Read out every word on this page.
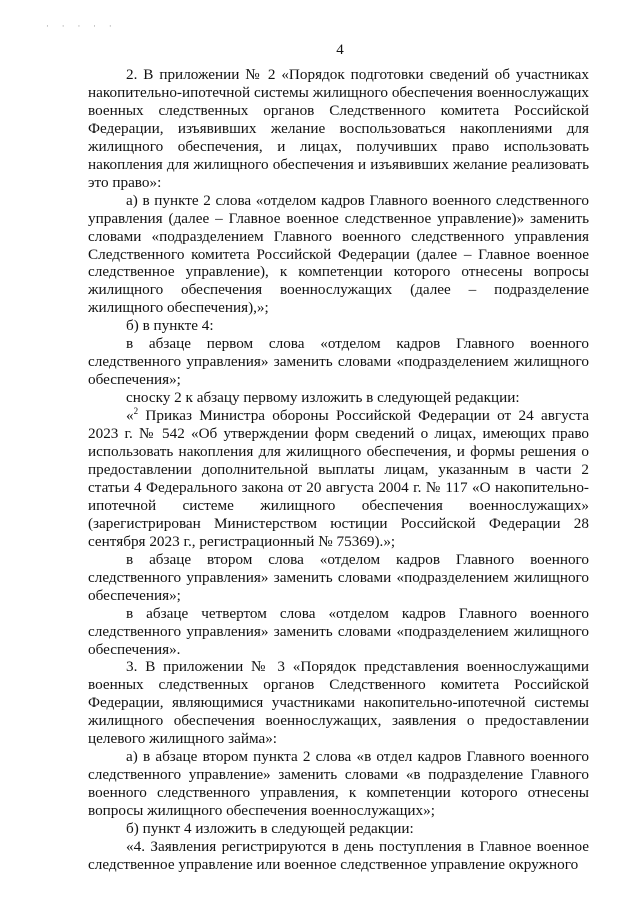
· · · · ·
4

2. В приложении № 2 «Порядок подготовки сведений об участниках накопительно-ипотечной системы жилищного обеспечения военнослужащих военных следственных органов Следственного комитета Российской Федерации, изъявивших желание воспользоваться накоплениями для жилищного обеспечения, и лицах, получивших право использовать накопления для жилищного обеспечения и изъявивших желание реализовать это право»:

а) в пункте 2 слова «отделом кадров Главного военного следственного управления (далее – Главное военное следственное управление)» заменить словами «подразделением Главного военного следственного управления Следственного комитета Российской Федерации (далее – Главное военное следственное управление), к компетенции которого отнесены вопросы жилищного обеспечения военнослужащих (далее – подразделение жилищного обеспечения),»;

б) в пункте 4:

в абзаце первом слова «отделом кадров Главного военного следственного управления» заменить словами «подразделением жилищного обеспечения»;

сноску 2 к абзацу первому изложить в следующей редакции:

«$^2$ Приказ Министра обороны Российской Федерации от 24 августа 2023 г. № 542 «Об утверждении форм сведений о лицах, имеющих право использовать накопления для жилищного обеспечения, и формы решения о предоставлении дополнительной выплаты лицам, указанным в части 2 статьи 4 Федерального закона от 20 августа 2004 г. № 117 «О накопительно-ипотечной системе жилищного обеспечения военнослужащих» (зарегистрирован Министерством юстиции Российской Федерации 28 сентября 2023 г., регистрационный № 75369).»;

в абзаце втором слова «отделом кадров Главного военного следственного управления» заменить словами «подразделением жилищного обеспечения»;

в абзаце четвертом слова «отделом кадров Главного военного следственного управления» заменить словами «подразделением жилищного обеспечения».

3. В приложении № 3 «Порядок представления военнослужащими военных следственных органов Следственного комитета Российской Федерации, являющимися участниками накопительно-ипотечной системы жилищного обеспечения военнослужащих, заявления о предоставлении целевого жилищного займа»:

а) в абзаце втором пункта 2 слова «в отдел кадров Главного военного следственного управление» заменить словами «в подразделение Главного военного следственного управления, к компетенции которого отнесены вопросы жилищного обеспечения военнослужащих»;

б) пункт 4 изложить в следующей редакции:

«4. Заявления регистрируются в день поступления в Главное военное следственное управление или военное следственное управление окружного
